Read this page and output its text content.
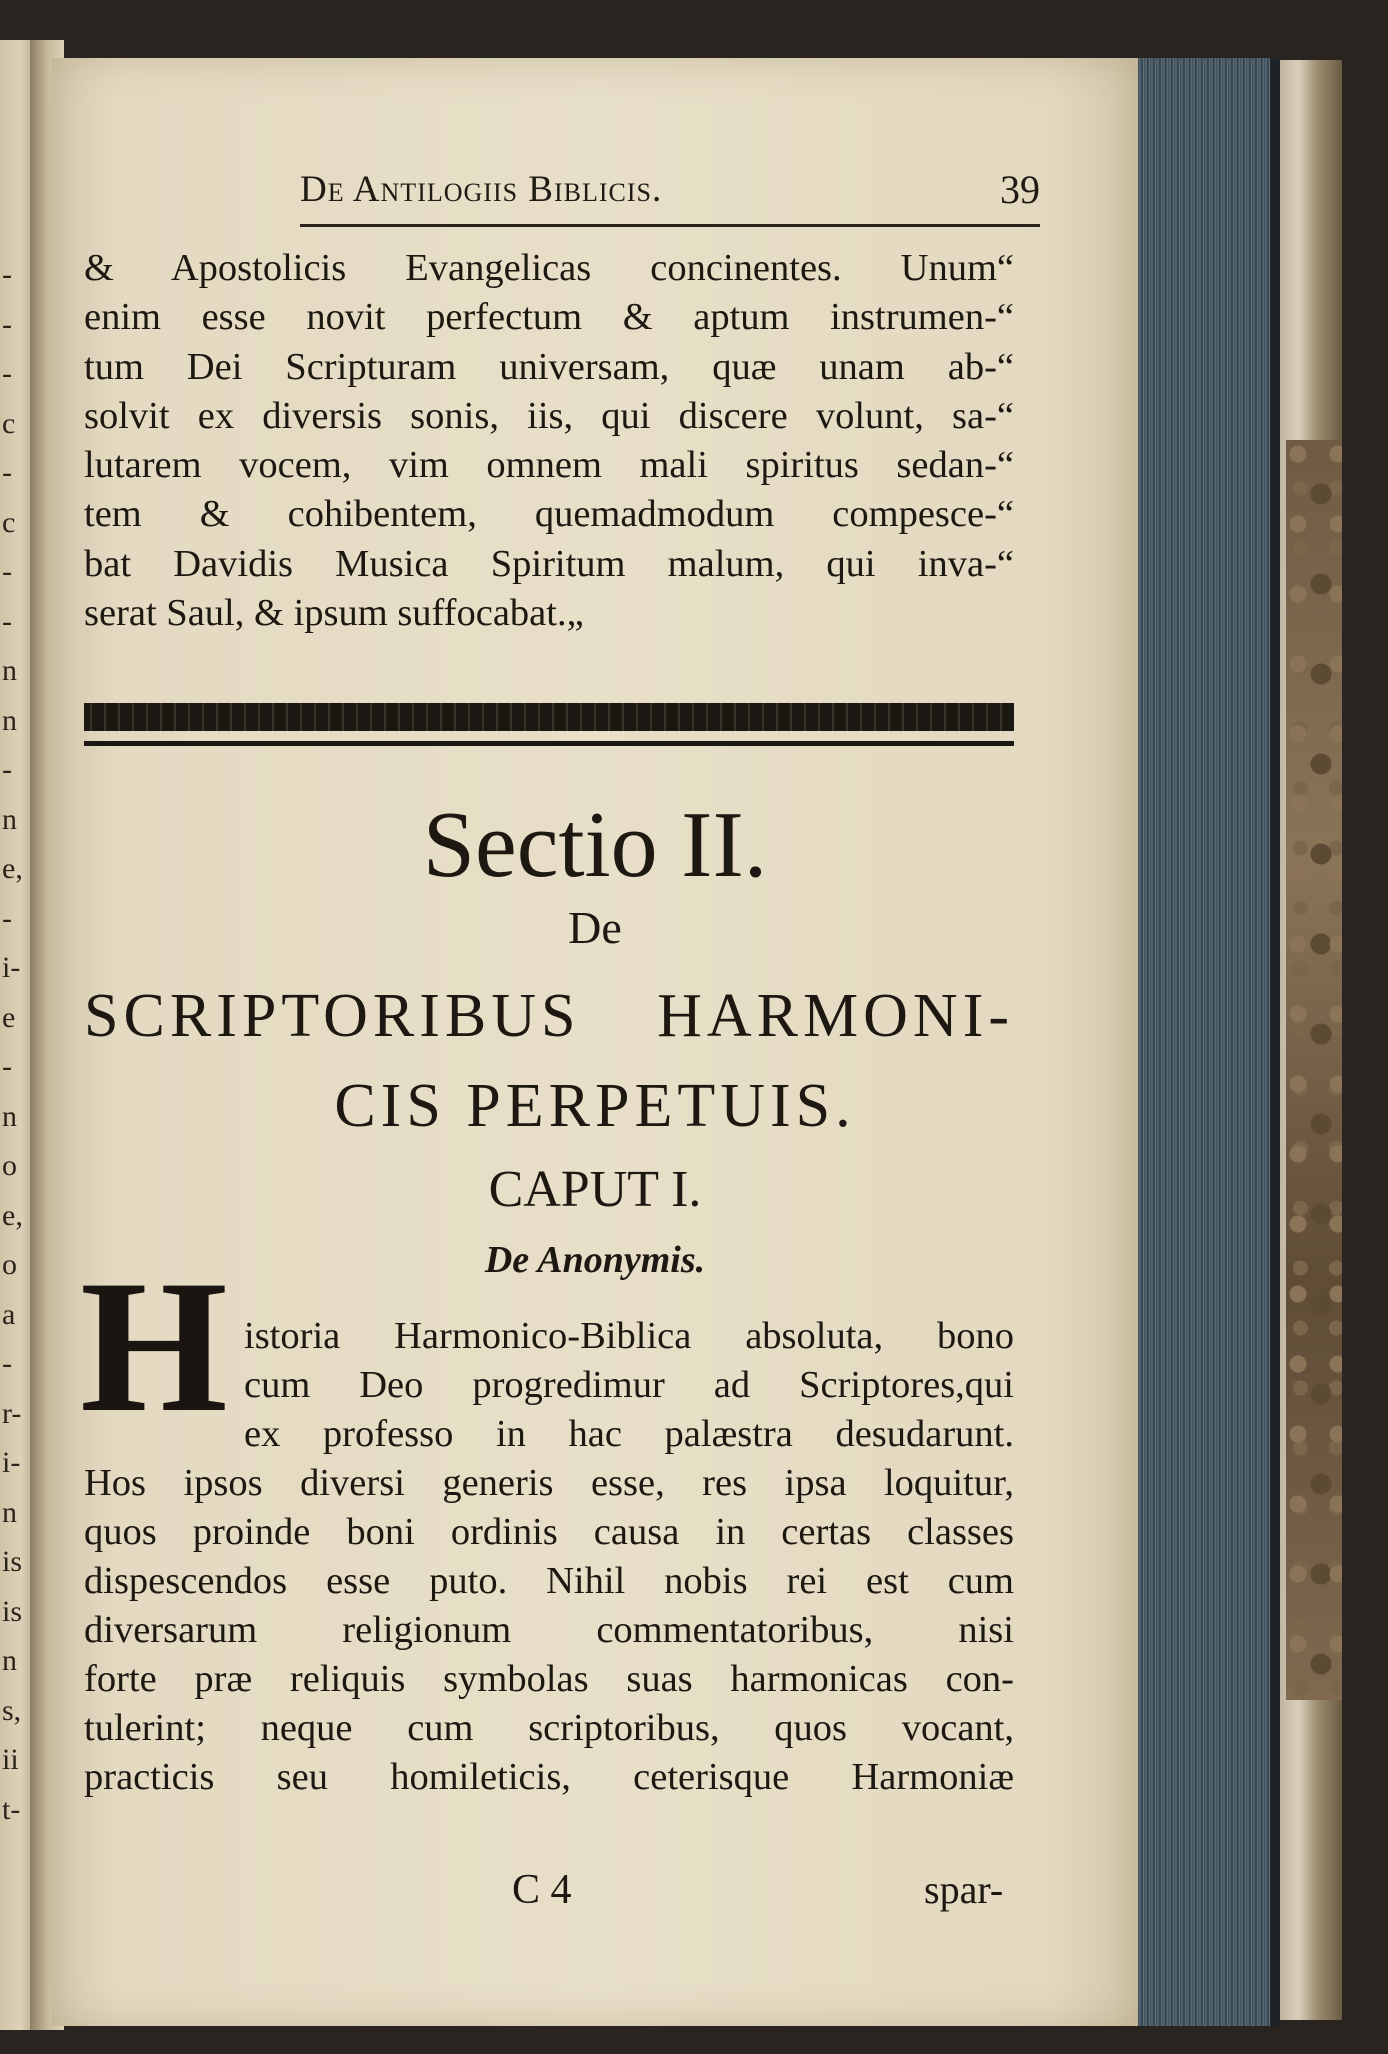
-
-
-
c
-
c
-
-
n
n
-
n
e,
-
i-
e
-
n
o
e,
o
a
-
r-
i-
n
is
is
n
s,
ii
t-
De Antilogiis Biblicis.	39
& Apostolicis Evangelicas concinentes. Unum“
enim esse novit perfectum & aptum instrumen-“
tum Dei Scripturam universam, quæ unam ab-“
solvit ex diversis sonis, iis, qui discere volunt, sa-“
lutarem vocem, vim omnem mali spiritus sedan-“
tem & cohibentem, quemadmodum compesce-“
bat Davidis Musica Spiritum malum, qui inva-“
serat Saul, & ipsum suffocabat.„
Sectio II.
De
SCRIPTORIBUS HARMONI-
CIS PERPETUIS.
CAPUT I.
De Anonymis.
H istoria Harmonico-Biblica absoluta, bono
cum Deo progredimur ad Scriptores,qui
ex professo in hac palæstra desudarunt.
Hos ipsos diversi generis esse, res ipsa loquitur,
quos proinde boni ordinis causa in certas classes
dispescendos esse puto. Nihil nobis rei est cum
diversarum religionum commentatoribus, nisi
forte præ reliquis symbolas suas harmonicas con-
tulerint; neque cum scriptoribus, quos vocant,
practicis seu homileticis, ceterisque Harmoniæ
C 4	spar-
